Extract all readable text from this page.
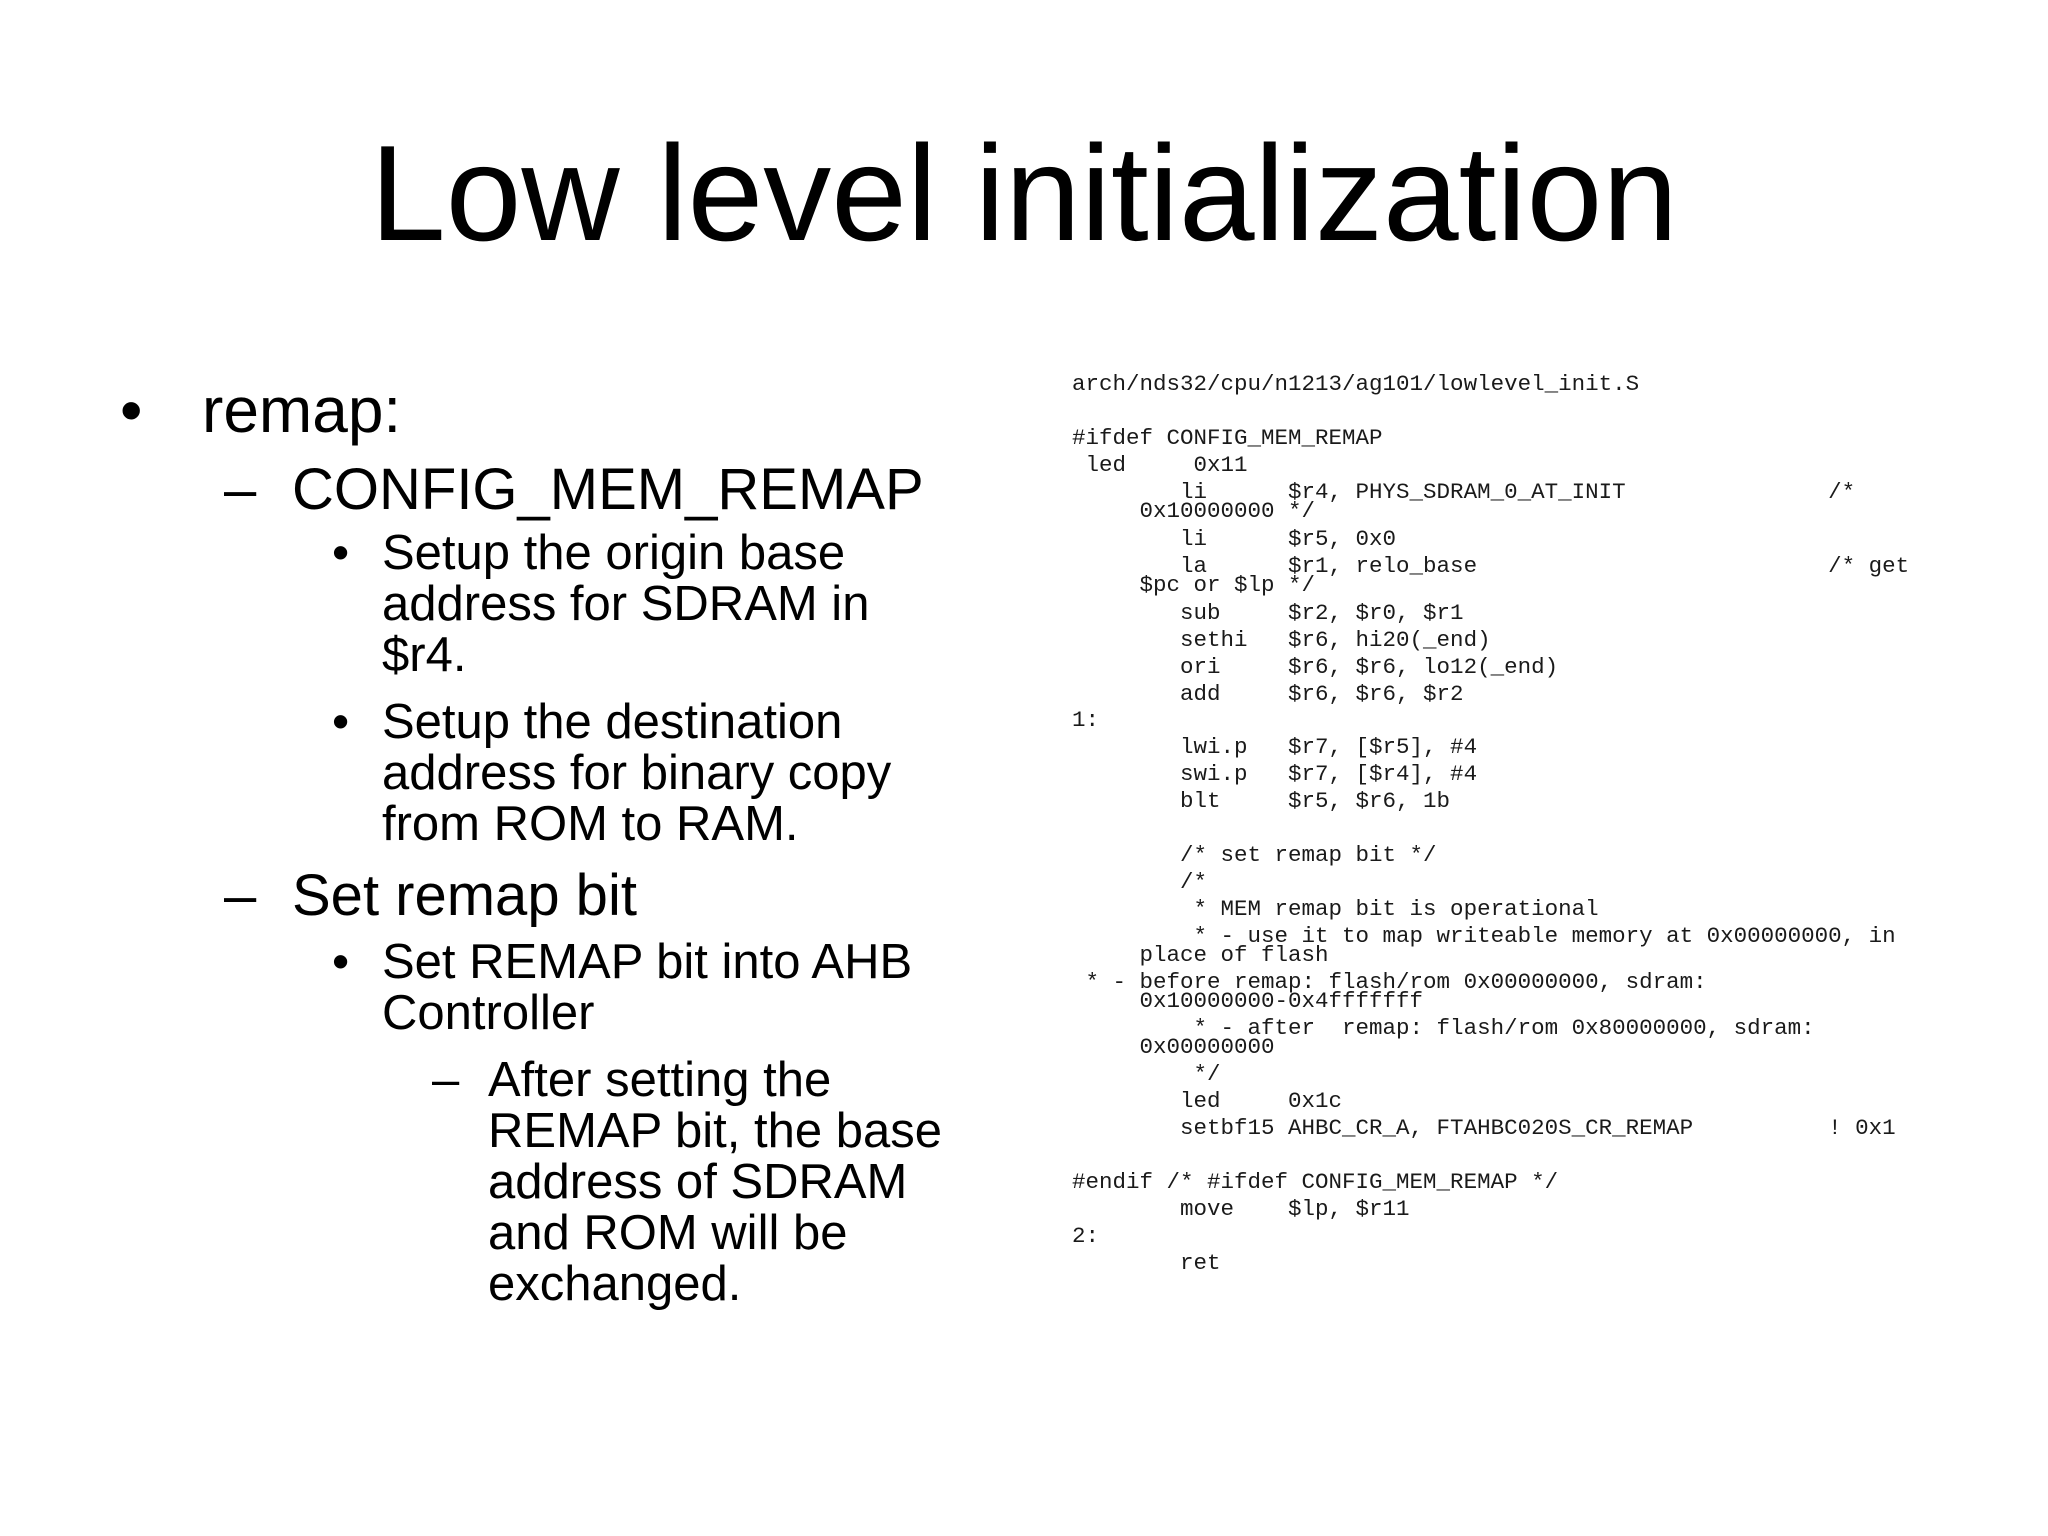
Low level initialization
• remap:
– CONFIG_MEM_REMAP
• Setup the origin base
address for SDRAM in
$r4.
• Setup the destination
address for binary copy
from ROM to RAM.
– Set remap bit
• Set REMAP bit into AHB
Controller
– After setting the
REMAP bit, the base
address of SDRAM
and ROM will be
exchanged.
arch/nds32/cpu/n1213/ag101/lowlevel_init.S
#ifdef CONFIG_MEM_REMAP
led     0x11
li      $r4, PHYS_SDRAM_0_AT_INIT               /*
0x10000000 */
li      $r5, 0x0
la      $r1, relo_base                          /* get
$pc or $lp */
sub     $r2, $r0, $r1
sethi   $r6, hi20(_end)
ori     $r6, $r6, lo12(_end)
add     $r6, $r6, $r2
1:
lwi.p   $r7, [$r5], #4
swi.p   $r7, [$r4], #4
blt     $r5, $r6, 1b
/* set remap bit */
/*
* MEM remap bit is operational
* - use it to map writeable memory at 0x00000000, in
place of flash
* - before remap: flash/rom 0x00000000, sdram:
0x10000000-0x4fffffff
* - after  remap: flash/rom 0x80000000, sdram:
0x00000000
*/
led     0x1c
setbf15 AHBC_CR_A, FTAHBC020S_CR_REMAP          ! 0x1
#endif /* #ifdef CONFIG_MEM_REMAP */
move    $lp, $r11
2:
ret
